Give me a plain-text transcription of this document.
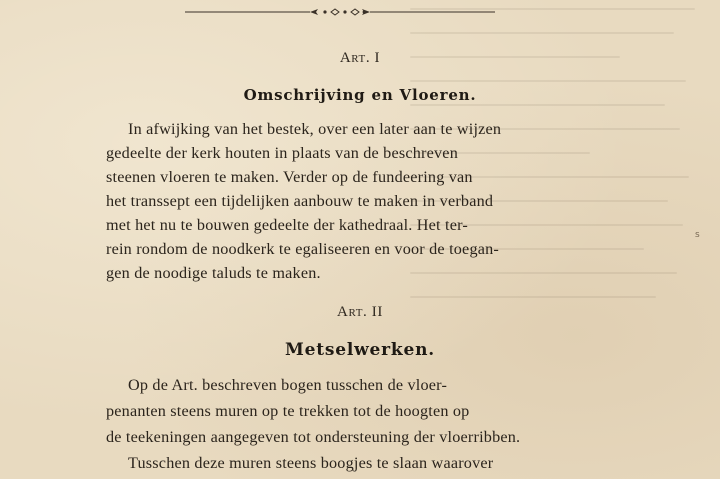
Art. I
Omschrijving en Vloeren.
In afwijking van het bestek, over een later aan te wijzen
gedeelte der kerk houten in plaats van de beschreven
steenen vloeren te maken. Verder op de fundeering van
het transsept een tijdelijken aanbouw te maken in verband
met het nu te bouwen gedeelte der kathedraal. Het ter-
rein rondom de noodkerk te egaliseeren en voor de toegan-
gen de noodige taluds te maken.
Art. II
Metselwerken.
Op de Art. beschreven bogen tusschen de vloer-
penanten steens muren op te trekken tot de hoogten op
de teekeningen aangegeven tot ondersteuning der vloerribben.
Tusschen deze muren steens boogjes te slaan waarover
s
